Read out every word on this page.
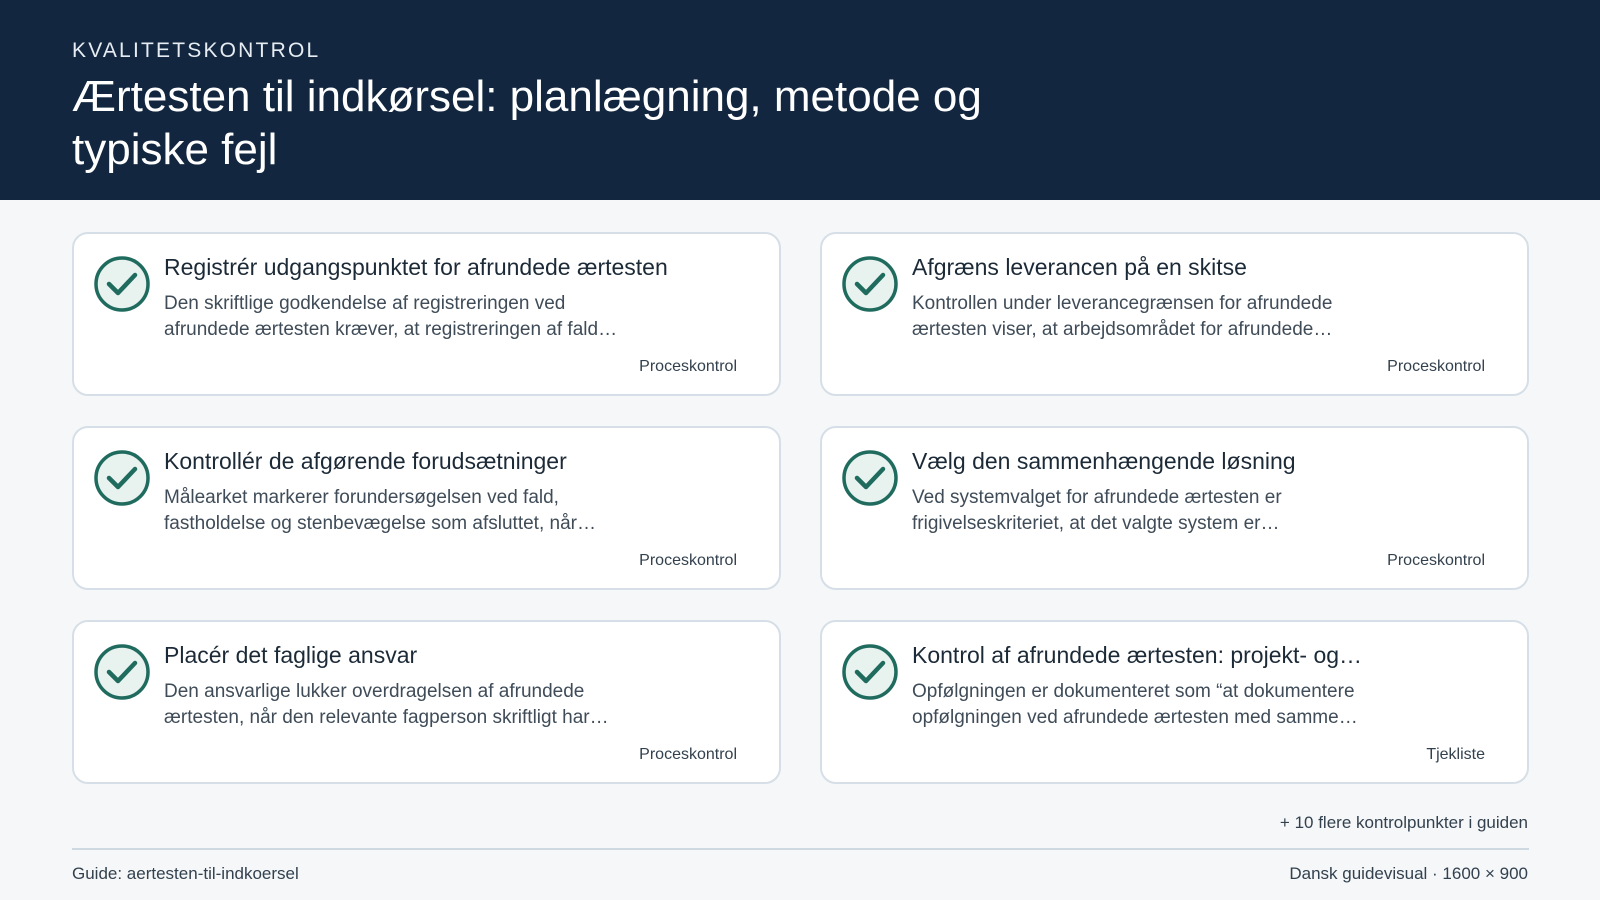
KVALITETSKONTROL
Ærtesten til indkørsel: planlægning, metode og typiske fejl
Registrér udgangspunktet for afrundede ærtesten
Den skriftlige godkendelse af registreringen ved
afrundede ærtesten kræver, at registreringen af fald…
Proceskontrol
Afgræns leverancen på en skitse
Kontrollen under leverancegrænsen for afrundede
ærtesten viser, at arbejdsområdet for afrundede…
Proceskontrol
Kontrollér de afgørende forudsætninger
Målearket markerer forundersøgelsen ved fald,
fastholdelse og stenbevægelse som afsluttet, når…
Proceskontrol
Vælg den sammenhængende løsning
Ved systemvalget for afrundede ærtesten er
frigivelseskriteriet, at det valgte system er…
Proceskontrol
Placér det faglige ansvar
Den ansvarlige lukker overdragelsen af afrundede
ærtesten, når den relevante fagperson skriftligt har…
Proceskontrol
Kontrol af afrundede ærtesten: projekt- og…
Opfølgningen er dokumenteret som “at dokumentere
opfølgningen ved afrundede ærtesten med samme…
Tjekliste
+ 10 flere kontrolpunkter i guiden
Guide: aertesten-til-indkoersel	Dansk guidevisual · 1600 × 900
